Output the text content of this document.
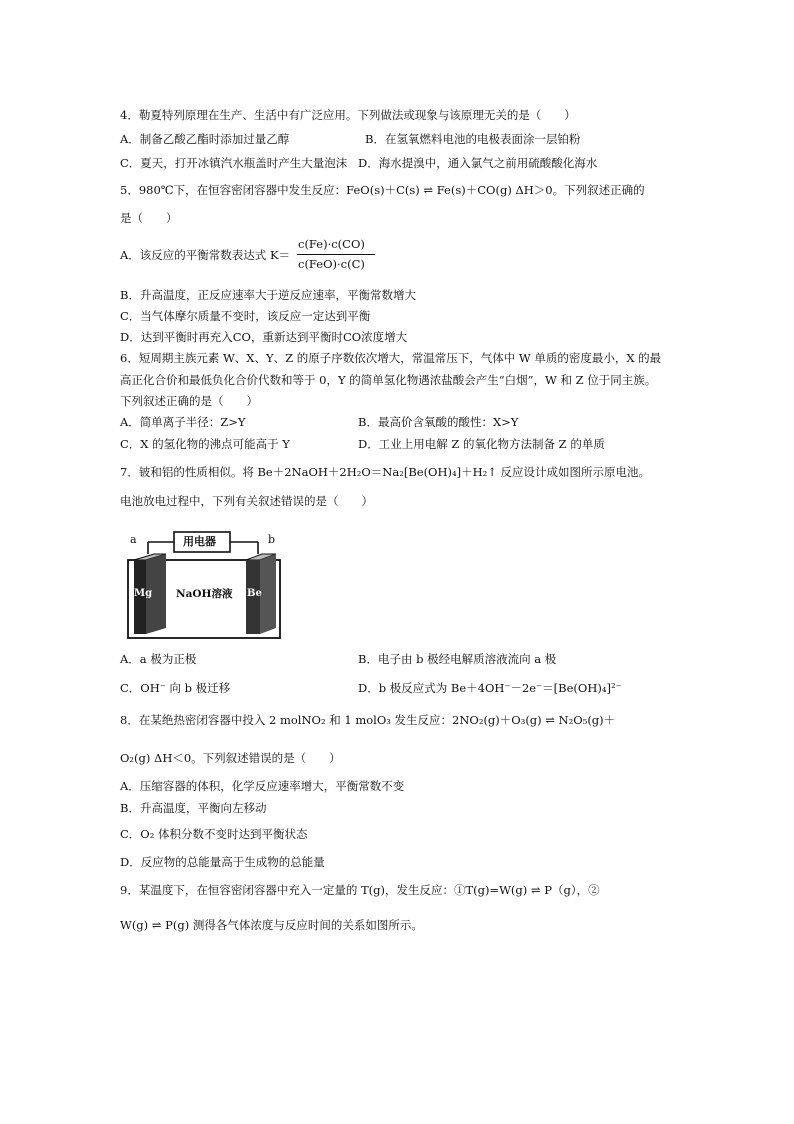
4．勒夏特列原理在生产、生活中有广泛应用。下列做法或现象与该原理无关的是（　　）
A．制备乙酸乙酯时添加过量乙醇	B．在氢氧燃料电池的电极表面涂一层铂粉
C．夏天，打开冰镇汽水瓶盖时产生大量泡沫 D．海水提溴中，通入氯气之前用硫酸酸化海水
5．980℃下，在恒容密闭容器中发生反应：FeO(s)＋C(s) ⇌ Fe(s)＋CO(g) ΔH＞0。下列叙述正确的
是（　　）
A．该反应的平衡常数表达式 K＝
c(Fe)·c(CO)
c(FeO)·c(C)
B．升高温度，正反应速率大于逆反应速率，平衡常数增大
C．当气体摩尔质量不变时，该反应一定达到平衡
D．达到平衡时再充入CO，重新达到平衡时CO浓度增大
6．短周期主族元素 W、X、Y、Z 的原子序数依次增大，常温常压下，气体中 W 单质的密度最小，X 的最
高正化合价和最低负化合价代数和等于 0，Y 的简单氢化物遇浓盐酸会产生“白烟”，W 和 Z 位于同主族。
下列叙述正确的是（　　）
A．简单离子半径：Z>Y	B．最高价含氧酸的酸性：X>Y
C．X 的氢化物的沸点可能高于 Y	D．工业上用电解 Z 的氧化物方法制备 Z 的单质
7．铍和铝的性质相似。将 Be＋2NaOH＋2H₂O＝Na₂[Be(OH)₄]＋H₂↑ 反应设计成如图所示原电池。
电池放电过程中，下列有关叙述错误的是（　　）
a	b
用电器
Mg	Be
NaOH溶液
A．a 极为正极	B．电子由 b 极经电解质溶液流向 a 极
C．OH⁻ 向 b 极迁移	D．b 极反应式为 Be＋4OH⁻－2e⁻＝[Be(OH)₄]²⁻
8．在某绝热密闭容器中投入 2 molNO₂ 和 1 molO₃ 发生反应：2NO₂(g)＋O₃(g) ⇌ N₂O₅(g)＋
O₂(g) ΔH＜0。下列叙述错误的是（　　）
A．压缩容器的体积，化学反应速率增大，平衡常数不变
B．升高温度，平衡向左移动
C．O₂ 体积分数不变时达到平衡状态
D．反应物的总能量高于生成物的总能量
9．某温度下，在恒容密闭容器中充入一定量的 T(g)，发生反应：①T(g)=W(g) ⇌ P（g），②
W(g) ⇌ P(g) 测得各气体浓度与反应时间的关系如图所示。
